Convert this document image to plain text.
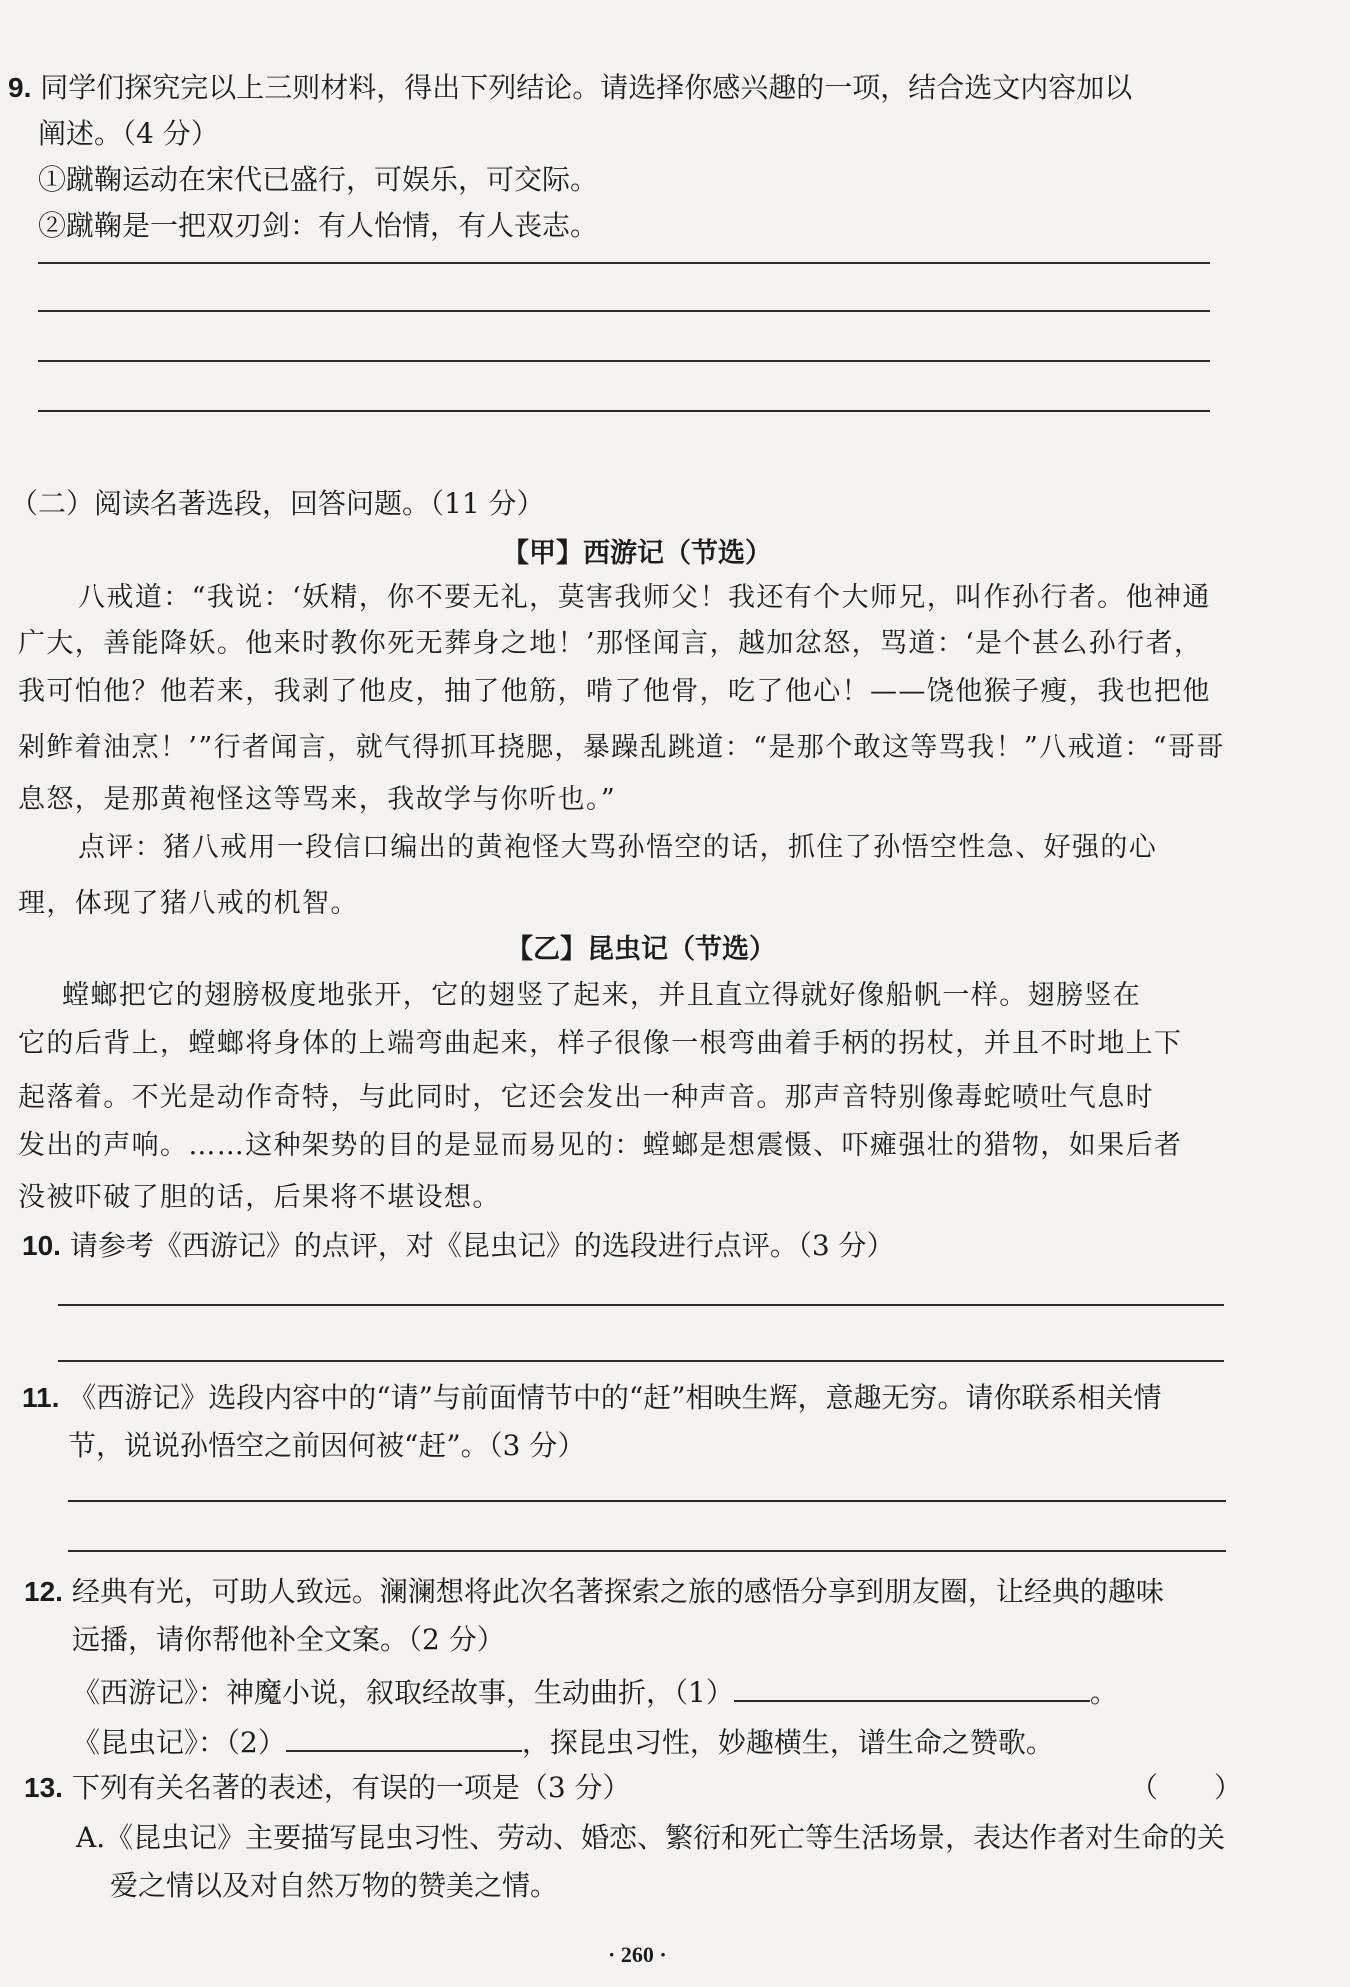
9. 同学们探究完以上三则材料，得出下列结论。请选择你感兴趣的一项，结合选文内容加以
阐述。（4 分）
①蹴鞠运动在宋代已盛行，可娱乐，可交际。
②蹴鞠是一把双刃剑：有人怡情，有人丧志。
（二）阅读名著选段，回答问题。（11 分）
【甲】西游记（节选）
八戒道：“我说：‘妖精，你不要无礼，莫害我师父！我还有个大师兄，叫作孙行者。他神通
广大，善能降妖。他来时教你死无葬身之地！’那怪闻言，越加忿怒，骂道：‘是个甚么孙行者，
我可怕他？他若来，我剥了他皮，抽了他筋，啃了他骨，吃了他心！——饶他猴子瘦，我也把他
剁鲊着油烹！’”行者闻言，就气得抓耳挠腮，暴躁乱跳道：“是那个敢这等骂我！”八戒道：“哥哥
息怒，是那黄袍怪这等骂来，我故学与你听也。”
点评：猪八戒用一段信口编出的黄袍怪大骂孙悟空的话，抓住了孙悟空性急、好强的心
理，体现了猪八戒的机智。
【乙】昆虫记（节选）
螳螂把它的翅膀极度地张开，它的翅竖了起来，并且直立得就好像船帆一样。翅膀竖在
它的后背上，螳螂将身体的上端弯曲起来，样子很像一根弯曲着手柄的拐杖，并且不时地上下
起落着。不光是动作奇特，与此同时，它还会发出一种声音。那声音特别像毒蛇喷吐气息时
发出的声响。……这种架势的目的是显而易见的：螳螂是想震慑、吓瘫强壮的猎物，如果后者
没被吓破了胆的话，后果将不堪设想。
10. 请参考《西游记》的点评，对《昆虫记》的选段进行点评。（3 分）
11. 《西游记》选段内容中的“请”与前面情节中的“赶”相映生辉，意趣无穷。请你联系相关情
节，说说孙悟空之前因何被“赶”。（3 分）
12. 经典有光，可助人致远。澜澜想将此次名著探索之旅的感悟分享到朋友圈，让经典的趣味
远播，请你帮他补全文案。（2 分）
《西游记》：神魔小说，叙取经故事，生动曲折，（1）	。
《昆虫记》：（2）	，探昆虫习性，妙趣横生，谱生命之赞歌。
13. 下列有关名著的表述，有误的一项是（3 分）	（　　）
A.《昆虫记》主要描写昆虫习性、劳动、婚恋、繁衍和死亡等生活场景，表达作者对生命的关
爱之情以及对自然万物的赞美之情。
· 260 ·
